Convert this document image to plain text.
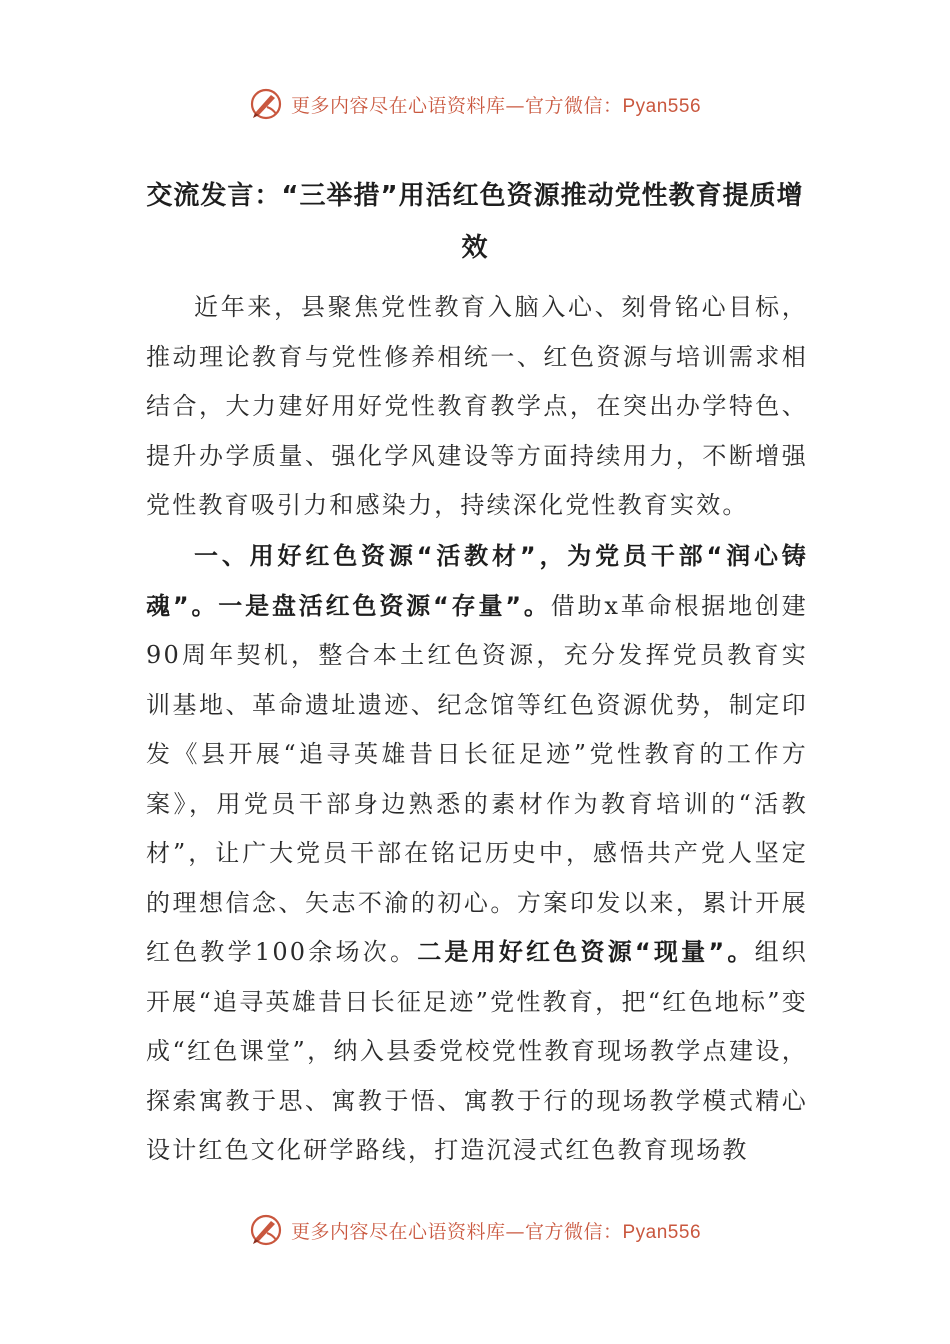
更多内容尽在心语资料库—官方微信：Pyan556
交流发言：“三举措”用活红色资源推动党性教育提质增效

近年来，县聚焦党性教育入脑入心、刻骨铭心目标，推动理论教育与党性修养相统一、红色资源与培训需求相结合，大力建好用好党性教育教学点，在突出办学特色、提升办学质量、强化学风建设等方面持续用力，不断增强党性教育吸引力和感染力，持续深化党性教育实效。

一、用好红色资源“活教材”，为党员干部“润心铸魂”。一是盘活红色资源“存量”。借助x革命根据地创建90周年契机，整合本土红色资源，充分发挥党员教育实训基地、革命遗址遗迹、纪念馆等红色资源优势，制定印发《县开展“追寻英雄昔日长征足迹”党性教育的工作方案》，用党员干部身边熟悉的素材作为教育培训的“活教材”，让广大党员干部在铭记历史中，感悟共产党人坚定的理想信念、矢志不渝的初心。方案印发以来，累计开展红色教学100余场次。二是用好红色资源“现量”。组织开展“追寻英雄昔日长征足迹”党性教育，把“红色地标”变成“红色课堂”，纳入县委党校党性教育现场教学点建设，探索寓教于思、寓教于悟、寓教于行的现场教学模式精心设计红色文化研学路线，打造沉浸式红色教育现场教

更多内容尽在心语资料库—官方微信：Pyan556
